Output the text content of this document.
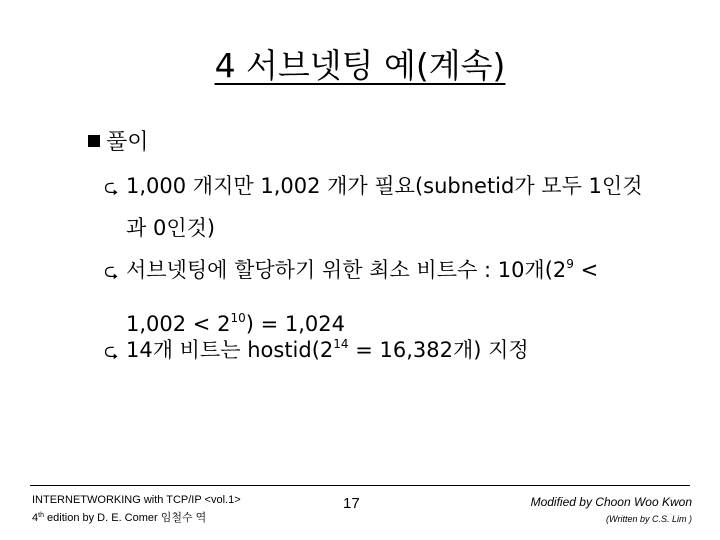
4 서브넷팅 예(계속)
풀이
⮎ 1,000 개지만 1,002 개가 필요(subnetid가 모두 1인것
과 0인것)
⮎ 서브넷팅에 할당하기 위한 최소 비트수 : 10개($2^9$ <
$1,002 < 2^{10}) = 1,024$
⮎ 14개 비트는 $hostid(2^{14} = 16,382$개) 지정
INTERNETWORKING with TCP/IP <vol.1>
4th edition by D. E. Comer 임철수 역
17	Modified by Choon Woo Kwon
(Written by C.S. Lim )
